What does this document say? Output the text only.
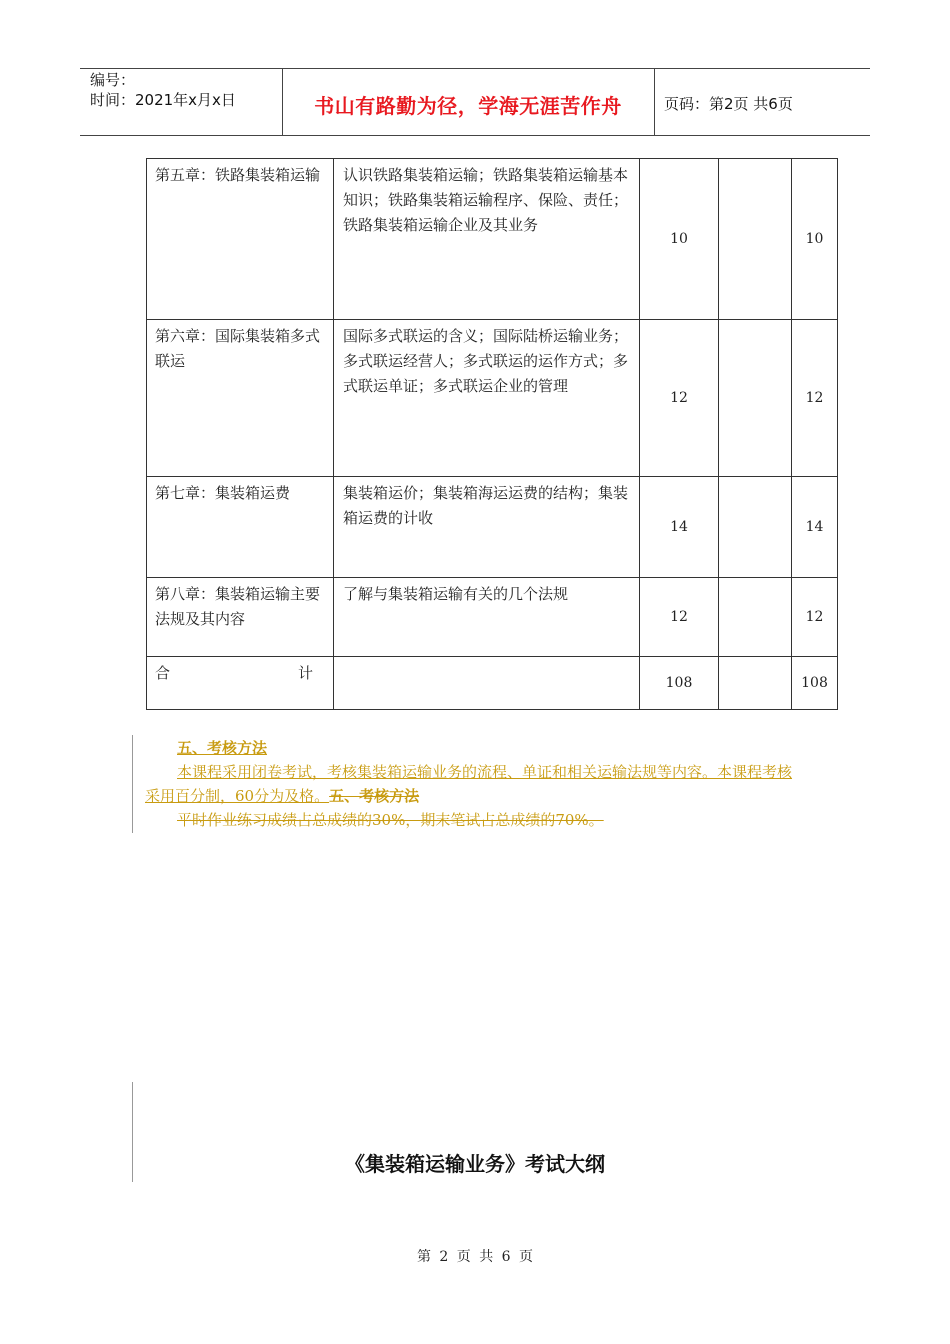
编号：
时间：2021年x月x日	书山有路勤为径，学海无涯苦作舟	页码：第2页 共6页
第五章：铁路集装箱运输	认识铁路集装箱运输；铁路集装箱运输基本知识；铁路集装箱运输程序、保险、责任；铁路集装箱运输企业及其业务	10		10
第六章：国际集装箱多式联运	国际多式联运的含义；国际陆桥运输业务；多式联运经营人；多式联运的运作方式；多式联运单证；多式联运企业的管理	12		12
第七章：集装箱运费	集装箱运价；集装箱海运运费的结构；集装箱运费的计收	14		14
第八章：集装箱运输主要法规及其内容	了解与集装箱运输有关的几个法规	12		12

合 计		108		108
五、考核方法
本课程采用闭卷考试，考核集装箱运输业务的流程、单证和相关运输法规等内容。本课程考核采用百分制，60分为及格。五、考核方法
平时作业练习成绩占总成绩的30%，期末笔试占总成绩的70%。
《集装箱运输业务》考试大纲
第 2 页 共 6 页
